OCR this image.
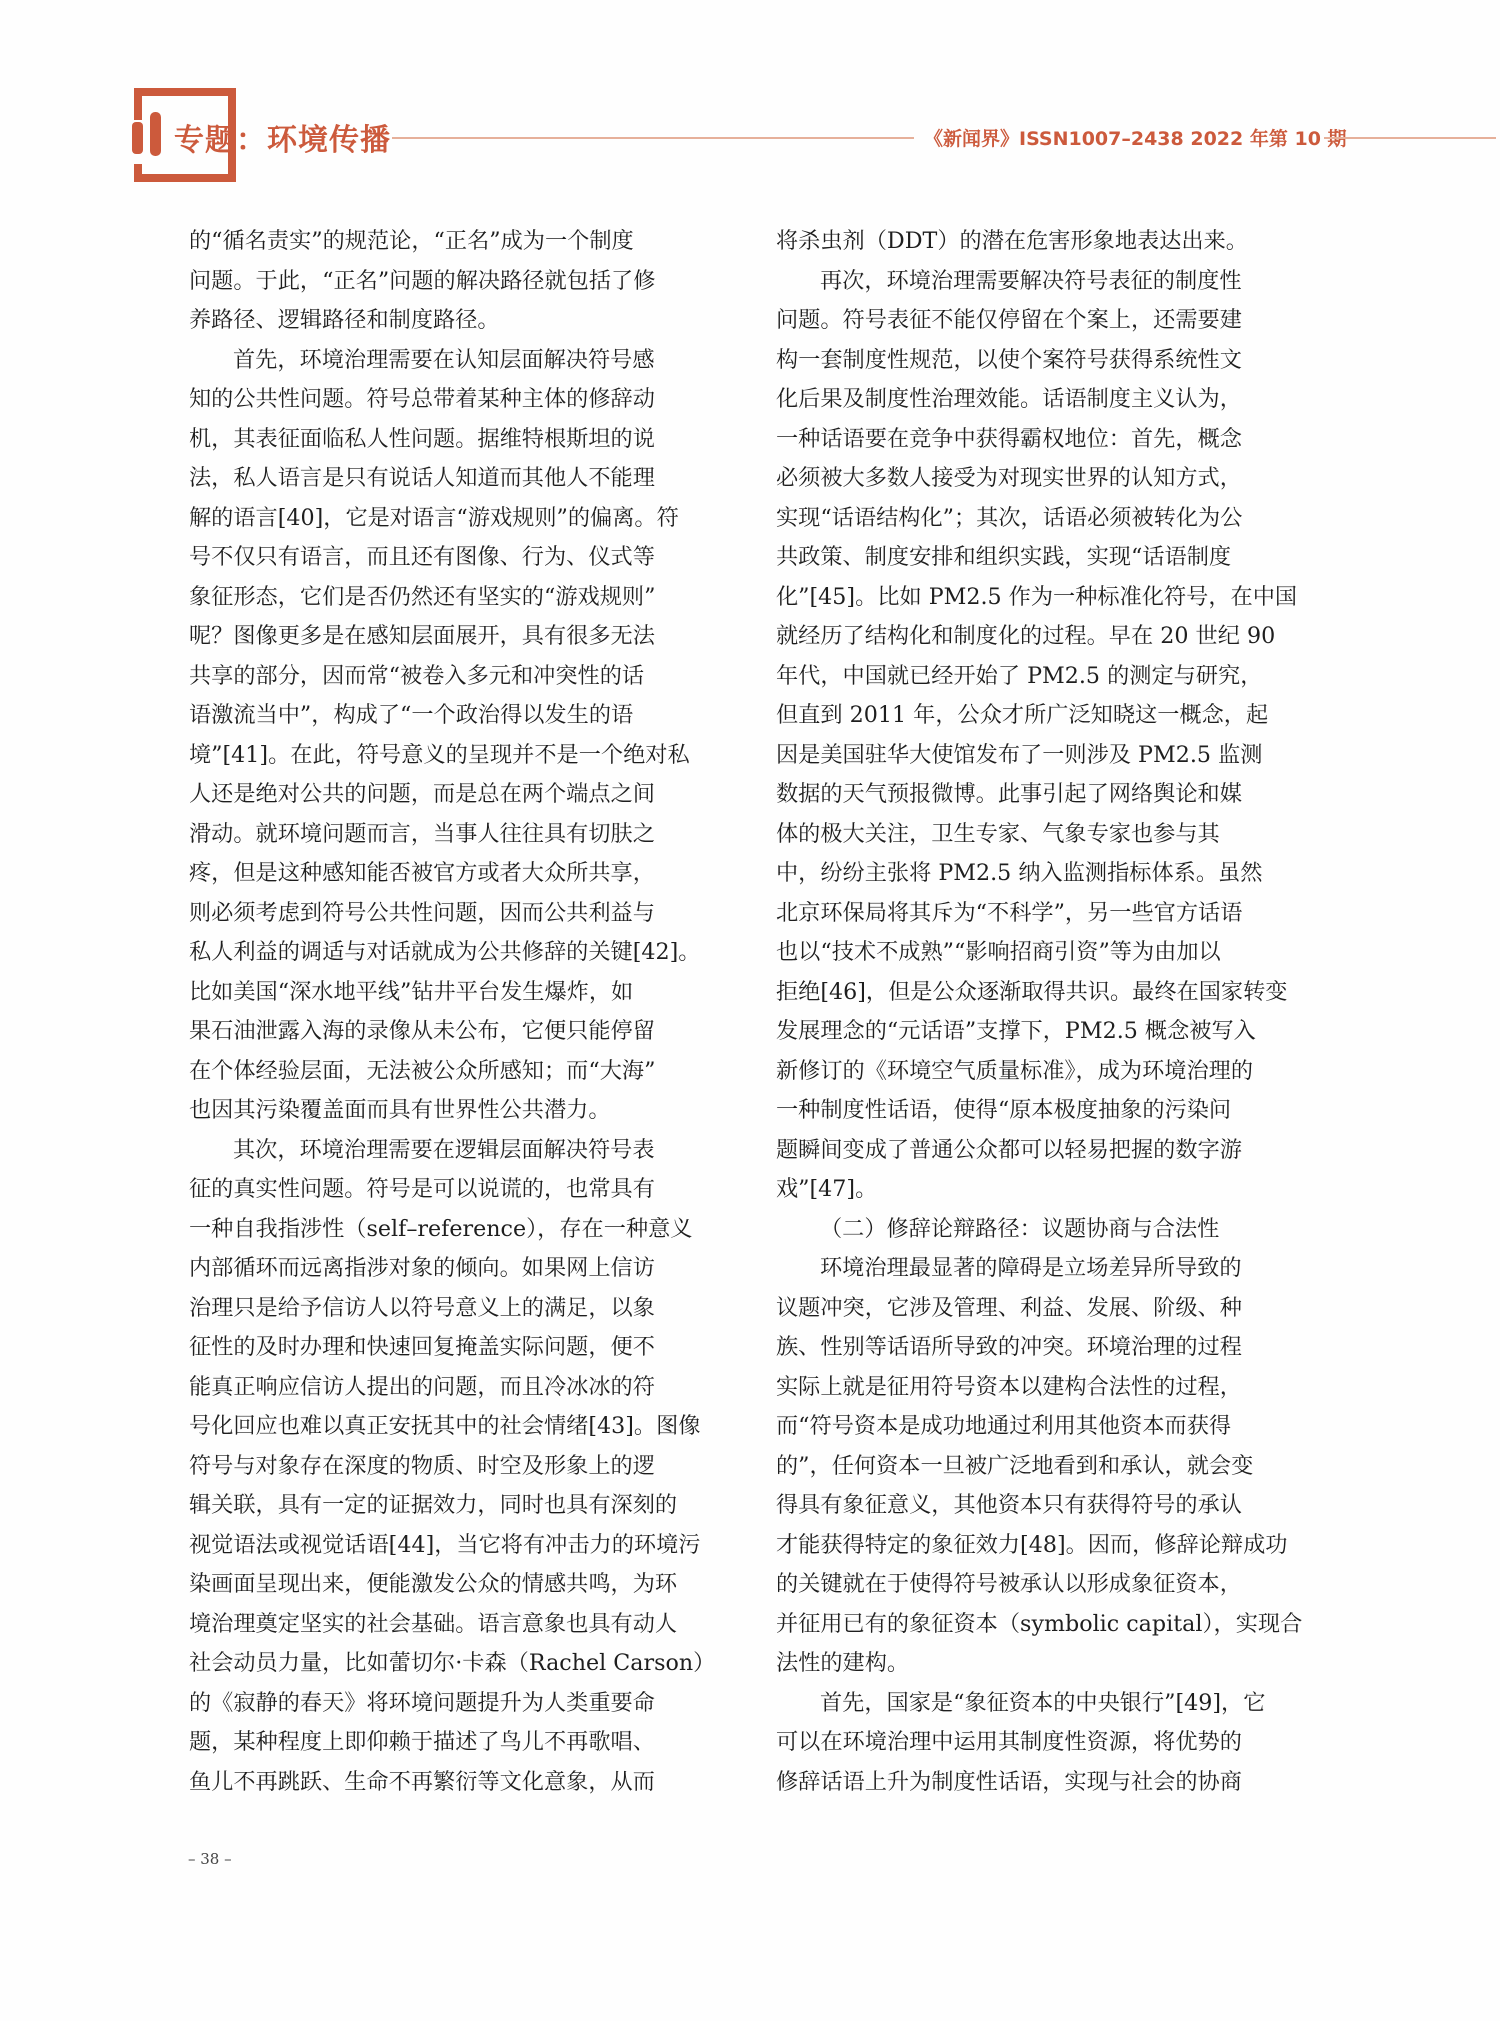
专题：环境传播	《新闻界》ISSN1007–2438 2022 年第 10 期
的“循名责实”的规范论，“正名”成为一个制度
问题。于此，“正名”问题的解决路径就包括了修
养路径、逻辑路径和制度路径。
首先，环境治理需要在认知层面解决符号感
知的公共性问题。符号总带着某种主体的修辞动
机，其表征面临私人性问题。据维特根斯坦的说
法，私人语言是只有说话人知道而其他人不能理
解的语言[40]，它是对语言“游戏规则”的偏离。符
号不仅只有语言，而且还有图像、行为、仪式等
象征形态，它们是否仍然还有坚实的“游戏规则”
呢？图像更多是在感知层面展开，具有很多无法
共享的部分，因而常“被卷入多元和冲突性的话
语激流当中”，构成了“一个政治得以发生的语
境”[41]。在此，符号意义的呈现并不是一个绝对私
人还是绝对公共的问题，而是总在两个端点之间
滑动。就环境问题而言，当事人往往具有切肤之
疼，但是这种感知能否被官方或者大众所共享，
则必须考虑到符号公共性问题，因而公共利益与
私人利益的调适与对话就成为公共修辞的关键[42]。
比如美国“深水地平线”钻井平台发生爆炸，如
果石油泄露入海的录像从未公布，它便只能停留
在个体经验层面，无法被公众所感知；而“大海”
也因其污染覆盖面而具有世界性公共潜力。
其次，环境治理需要在逻辑层面解决符号表
征的真实性问题。符号是可以说谎的，也常具有
一种自我指涉性（self–reference），存在一种意义
内部循环而远离指涉对象的倾向。如果网上信访
治理只是给予信访人以符号意义上的满足，以象
征性的及时办理和快速回复掩盖实际问题，便不
能真正响应信访人提出的问题，而且冷冰冰的符
号化回应也难以真正安抚其中的社会情绪[43]。图像
符号与对象存在深度的物质、时空及形象上的逻
辑关联，具有一定的证据效力，同时也具有深刻的
视觉语法或视觉话语[44]，当它将有冲击力的环境污
染画面呈现出来，便能激发公众的情感共鸣，为环
境治理奠定坚实的社会基础。语言意象也具有动人
社会动员力量，比如蕾切尔·卡森（Rachel Carson）
的《寂静的春天》将环境问题提升为人类重要命
题，某种程度上即仰赖于描述了鸟儿不再歌唱、
鱼儿不再跳跃、生命不再繁衍等文化意象，从而
将杀虫剂（DDT）的潜在危害形象地表达出来。
再次，环境治理需要解决符号表征的制度性
问题。符号表征不能仅停留在个案上，还需要建
构一套制度性规范，以使个案符号获得系统性文
化后果及制度性治理效能。话语制度主义认为，
一种话语要在竞争中获得霸权地位：首先，概念
必须被大多数人接受为对现实世界的认知方式，
实现“话语结构化”；其次，话语必须被转化为公
共政策、制度安排和组织实践，实现“话语制度
化”[45]。比如 PM2.5 作为一种标准化符号，在中国
就经历了结构化和制度化的过程。早在 20 世纪 90
年代，中国就已经开始了 PM2.5 的测定与研究，
但直到 2011 年，公众才所广泛知晓这一概念，起
因是美国驻华大使馆发布了一则涉及 PM2.5 监测
数据的天气预报微博。此事引起了网络舆论和媒
体的极大关注，卫生专家、气象专家也参与其
中，纷纷主张将 PM2.5 纳入监测指标体系。虽然
北京环保局将其斥为“不科学”，另一些官方话语
也以“技术不成熟”“影响招商引资”等为由加以
拒绝[46]，但是公众逐渐取得共识。最终在国家转变
发展理念的“元话语”支撑下，PM2.5 概念被写入
新修订的《环境空气质量标准》，成为环境治理的
一种制度性话语，使得“原本极度抽象的污染问
题瞬间变成了普通公众都可以轻易把握的数字游
戏”[47]。
（二）修辞论辩路径：议题协商与合法性
环境治理最显著的障碍是立场差异所导致的
议题冲突，它涉及管理、利益、发展、阶级、种
族、性别等话语所导致的冲突。环境治理的过程
实际上就是征用符号资本以建构合法性的过程，
而“符号资本是成功地通过利用其他资本而获得
的”，任何资本一旦被广泛地看到和承认，就会变
得具有象征意义，其他资本只有获得符号的承认
才能获得特定的象征效力[48]。因而，修辞论辩成功
的关键就在于使得符号被承认以形成象征资本，
并征用已有的象征资本（symbolic capital），实现合
法性的建构。
首先，国家是“象征资本的中央银行”[49]，它
可以在环境治理中运用其制度性资源，将优势的
修辞话语上升为制度性话语，实现与社会的协商
– 38 –
